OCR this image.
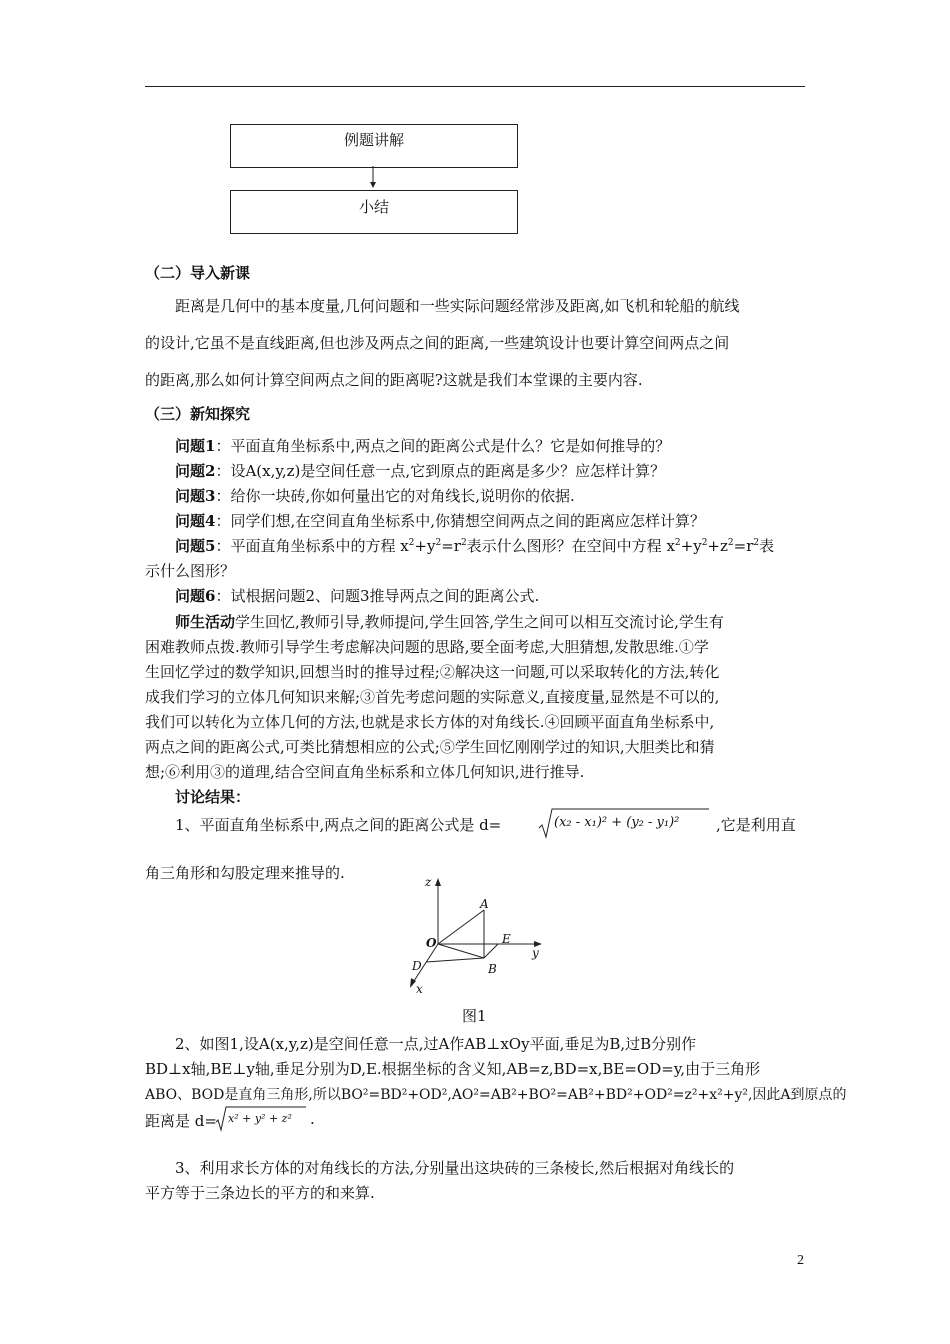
例题讲解
小结
（二）导入新课
距离是几何中的基本度量,几何问题和一些实际问题经常涉及距离,如飞机和轮船的航线
的设计,它虽不是直线距离,但也涉及两点之间的距离,一些建筑设计也要计算空间两点之间
的距离,那么如何计算空间两点之间的距离呢?这就是我们本堂课的主要内容.
（三）新知探究
问题1：平面直角坐标系中,两点之间的距离公式是什么？它是如何推导的？
问题2：设A(x,y,z)是空间任意一点,它到原点的距离是多少？应怎样计算？
问题3：给你一块砖,你如何量出它的对角线长,说明你的依据.
问题4：同学们想,在空间直角坐标系中,你猜想空间两点之间的距离应怎样计算？
问题5：平面直角坐标系中的方程 $x^2+y^2=r^2$表示什么图形？在空间中方程 $x^2+y^2+z^2=r^2$表
示什么图形？
问题6：试根据问题2、问题3推导两点之间的距离公式.
师生活动学生回忆,教师引导,教师提问,学生回答,学生之间可以相互交流讨论,学生有
困难教师点拨.教师引导学生考虑解决问题的思路,要全面考虑,大胆猜想,发散思维.①学
生回忆学过的数学知识,回想当时的推导过程;②解决这一问题,可以采取转化的方法,转化
成我们学习的立体几何知识来解;③首先考虑问题的实际意义,直接度量,显然是不可以的,
我们可以转化为立体几何的方法,也就是求长方体的对角线长.④回顾平面直角坐标系中,
两点之间的距离公式,可类比猜想相应的公式;⑤学生回忆刚刚学过的知识,大胆类比和猜
想;⑥利用③的道理,结合空间直角坐标系和立体几何知识,进行推导.
讨论结果：
1、平面直角坐标系中,两点之间的距离公式是 d=	(x₂ - x₁)² + (y₂ - y₁)² ,它是利用直
角三角形和勾股定理来推导的.	z
A
O	E
y
D	B
x
图1
2、如图1,设A(x,y,z)是空间任意一点,过A作AB⊥xOy平面,垂足为B,过B分别作
BD⊥x轴,BE⊥y轴,垂足分别为D,E.根据坐标的含义知,AB=z,BD=x,BE=OD=y,由于三角形
ABO、BOD是直角三角形,所以BO²=BD²+OD²,AO²=AB²+BO²=AB²+BD²+OD²=z²+x²+y²,因此A到原点的
距离是 d= x² + y² + z² .
3、利用求长方体的对角线长的方法,分别量出这块砖的三条棱长,然后根据对角线长的
平方等于三条边长的平方的和来算.
2
